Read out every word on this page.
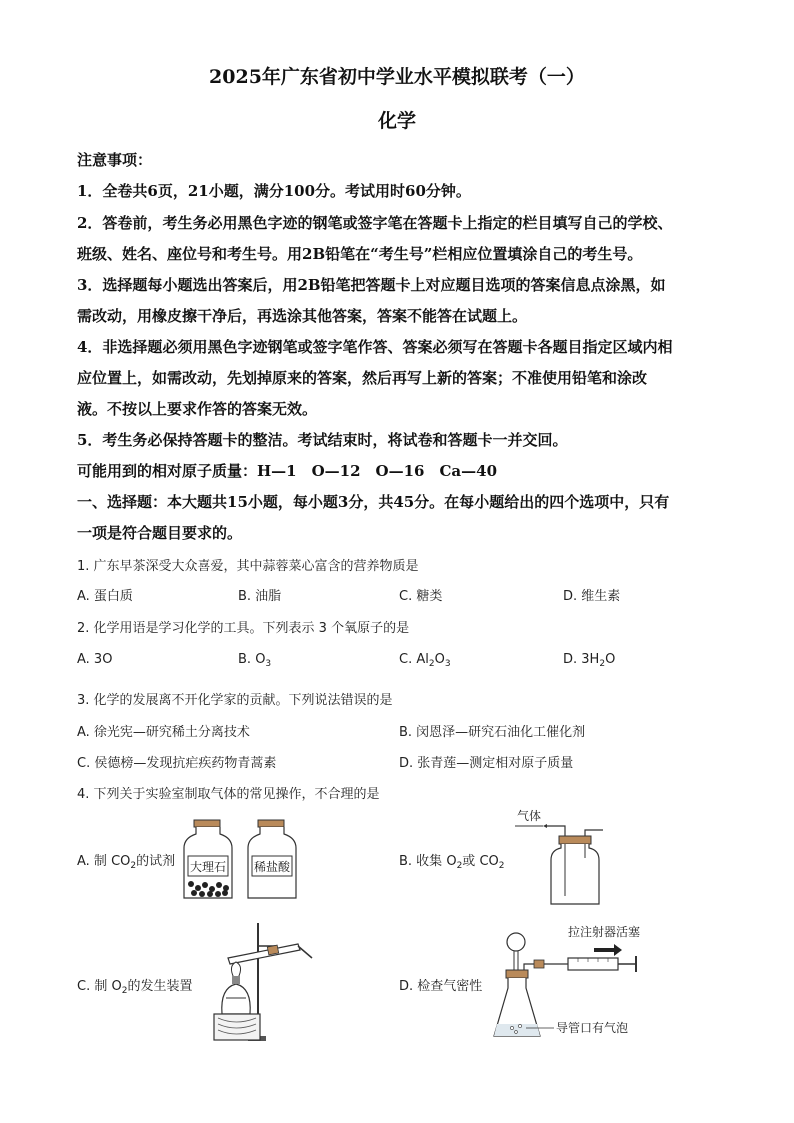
2025年广东省初中学业水平模拟联考（一）
化学
注意事项：
1．全卷共6页，21小题，满分100分。考试用时60分钟。
2．答卷前，考生务必用黑色字迹的钢笔或签字笔在答题卡上指定的栏目填写自己的学校、
班级、姓名、座位号和考生号。用2B铅笔在“考生号”栏相应位置填涂自己的考生号。
3．选择题每小题选出答案后，用2B铅笔把答题卡上对应题目选项的答案信息点涂黑，如
需改动，用橡皮擦干净后，再选涂其他答案，答案不能答在试题上。
4．非选择题必须用黑色字迹钢笔或签字笔作答、答案必须写在答题卡各题目指定区域内相
应位置上，如需改动，先划掉原来的答案，然后再写上新的答案；不准使用铅笔和涂改
液。不按以上要求作答的答案无效。
5．考生务必保持答题卡的整洁。考试结束时，将试卷和答题卡一并交回。
可能用到的相对原子质量：H—1　O—12　O—16　Ca—40
一、选择题：本大题共15小题，每小题3分，共45分。在每小题给出的四个选项中，只有
一项是符合题目要求的。
1. 广东早茶深受大众喜爱，其中蒜蓉菜心富含的营养物质是
A. 蛋白质	B. 油脂	C. 糖类	D. 维生素
2. 化学用语是学习化学的工具。下列表示 3 个氧原子的是
A. 3O	B. $O_3$	C. $Al_2O_3$	D. $3H_2O$
3. 化学的发展离不开化学家的贡献。下列说法错误的是
A. 徐光宪—研究稀土分离技术	B. 闵恩泽—研究石油化工催化剂
C. 侯德榜—发现抗疟疾药物青蒿素	D. 张青莲—测定相对原子质量
4. 下列关于实验室制取气体的常见操作，不合理的是
A. 制 $CO_2$的试剂	B. 收集 $O_2$或 $CO_2$
C. 制 $O_2$的发生装置	D. 检查气密性
大理石 稀盐酸
气体
拉注射器活塞
导管口有气泡
